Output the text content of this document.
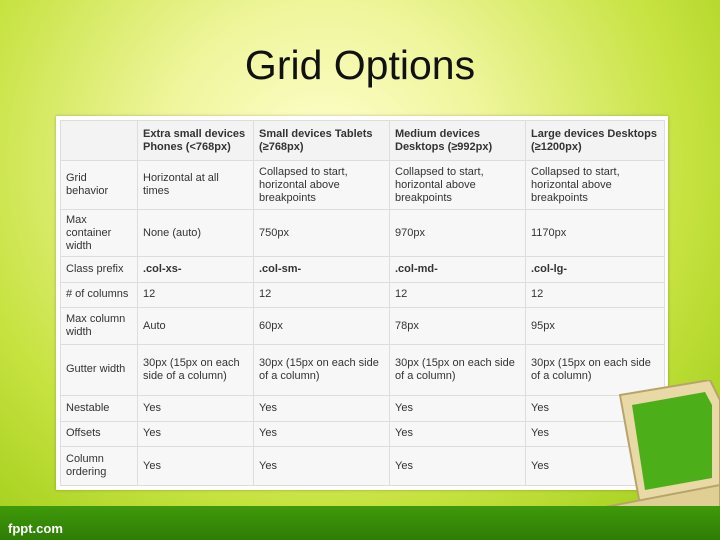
Grid Options
	Extra small devices Phones (<768px)	Small devices Tablets (≥768px)	Medium devices Desktops (≥992px)	Large devices Desktops (≥1200px)
Grid behavior	Horizontal at all times	Collapsed to start, horizontal above breakpoints	Collapsed to start, horizontal above breakpoints	Collapsed to start, horizontal above breakpoints
Max container width	None (auto)	750px	970px	1170px
Class prefix	.col-xs-	.col-sm-	.col-md-	.col-lg-
# of columns	12	12	12	12
Max column width	Auto	60px	78px	95px
Gutter width	30px (15px on each side of a column)	30px (15px on each side of a column)	30px (15px on each side of a column)	30px (15px on each side of a column)
Nestable	Yes	Yes	Yes	Yes
Offsets	Yes	Yes	Yes	Yes
Column ordering	Yes	Yes	Yes	Yes
fppt.com
